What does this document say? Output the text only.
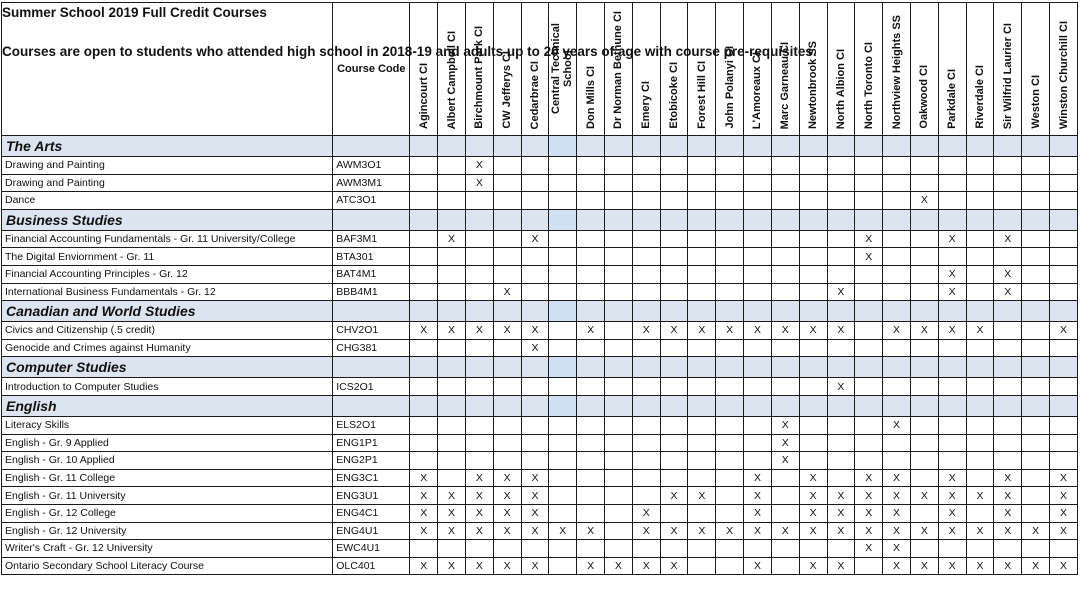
Summer School 2019 Full Credit Courses
Courses are open to students who attended high school in 2018-19 and adults up to 20 years of age with course pre-requisites.	Course Code	Agincourt CI	Albert Campbell CI	Birchmount Park CI	CW Jefferys CI	Cedarbrae CI	Central Technical School	Don Mills CI	Dr Norman Bethune CI	Emery CI	Etobicoke CI	Forest Hill CI	John Polanyi CI	L'Amoreaux CI	Marc Garneau CI	Newtonbrook SS	North Albion CI	North Toronto CI	Northview Heights SS	Oakwood CI	Parkdale CI	Riverdale CI	Sir Wilfrid Laurier CI	Weston CI	Winston Churchill CI

The Arts																									
Drawing and Painting	AWM3O1			X																					
Drawing and Painting	AWM3M1			X																					
Dance	ATC3O1																			X					
Business Studies																									
Financial Accounting Fundamentals - Gr. 11 University/College	BAF3M1		X			X												X			X		X		
The Digital Enviornment - Gr. 11	BTA301																	X							
Financial Accounting Principles - Gr. 12	BAT4M1																				X		X		
International Business Fundamentals - Gr. 12	BBB4M1				X												X				X		X		
Canadian and World Studies																									
Civics and Citizenship (.5 credit)	CHV2O1	X	X	X	X	X		X		X	X	X	X	X	X	X	X		X	X	X	X			X
Genocide and Crimes against Humanity	CHG381					X																			
Computer Studies																									
Introduction to Computer Studies	ICS2O1																X								
English																									
Literacy Skills	ELS2O1														X				X						
English - Gr. 9 Applied	ENG1P1														X										
English - Gr. 10 Applied	ENG2P1														X										
English - Gr. 11 College	ENG3C1	X		X	X	X								X		X		X	X		X		X		X
English - Gr. 11 University	ENG3U1	X	X	X	X	X					X	X		X		X	X	X	X	X	X	X	X		X
English - Gr. 12 College	ENG4C1	X	X	X	X	X				X				X		X	X	X	X		X		X		X
English - Gr. 12 University	ENG4U1	X	X	X	X	X	X	X		X	X	X	X	X	X	X	X	X	X	X	X	X	X	X	X
Writer's Craft - Gr. 12 University	EWC4U1																	X	X						
Ontario Secondary School Literacy Course	OLC401	X	X	X	X	X		X	X	X	X			X		X	X		X	X	X	X	X	X	X
